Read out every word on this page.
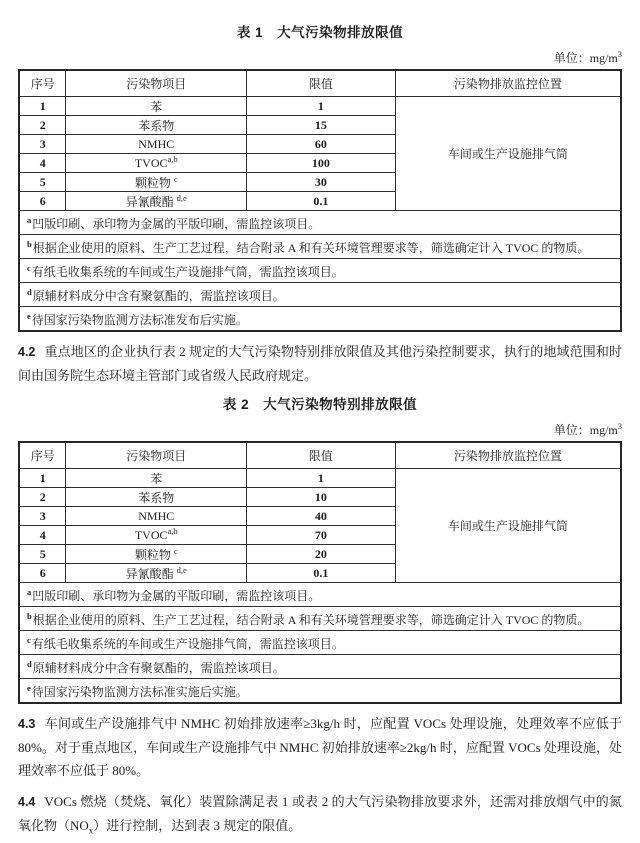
表 1　大气污染物排放限值
单位：$mg/m^3$
序号	污染物项目	限值	污染物排放监控位置
1	苯	1	车间或生产设施排气筒
2	苯系物	15	
3	NMHC	60	
4	TVOC$^{a,b}$	100	
5	颗粒物 $^c$	30	
6	异氰酸酯 $^{d,e}$	0.1	
$^a$凹版印刷、承印物为金属的平版印刷，需监控该项目。			
$^b$根据企业使用的原料、生产工艺过程，结合附录 A 和有关环境管理要求等，筛选确定计入 TVOC 的物质。			
$^c$有纸毛收集系统的车间或生产设施排气筒，需监控该项目。			
$^d$原辅材料成分中含有聚氨酯的，需监控该项目。			
$^e$待国家污染物监测方法标准发布后实施。			

4.2 重点地区的企业执行表 2 规定的大气污染物特别排放限值及其他污染控制要求，执行的地域范围和时间由国务院生态环境主管部门或省级人民政府规定。

表 2　大气污染物特别排放限值
单位：$mg/m^3$
序号	污染物项目	限值	污染物排放监控位置
1	苯	1	车间或生产设施排气筒
2	苯系物	10	
3	NMHC	40	
4	TVOC$^{a,b}$	70	
5	颗粒物 $^c$	20	
6	异氰酸酯 $^{d,e}$	0.1	
$^a$凹版印刷、承印物为金属的平版印刷，需监控该项目。			
$^b$根据企业使用的原料、生产工艺过程，结合附录 A 和有关环境管理要求等，筛选确定计入 TVOC 的物质。			
$^c$有纸毛收集系统的车间或生产设施排气筒，需监控该项目。			
$^d$原辅材料成分中含有聚氨酯的，需监控该项目。			
$^e$待国家污染物监测方法标准实施后实施。			

4.3 车间或生产设施排气中 NMHC 初始排放速率≥3kg/h 时，应配置 VOCs 处理设施，处理效率不应低于 80%。对于重点地区，车间或生产设施排气中 NMHC 初始排放速率≥2kg/h 时，应配置 VOCs 处理设施，处理效率不应低于 80%。

4.4 VOCs 燃烧（焚烧、氧化）装置除满足表 1 或表 2 的大气污染物排放要求外，还需对排放烟气中的氮氧化物$(NO_x)$进行控制，达到表 3 规定的限值。
